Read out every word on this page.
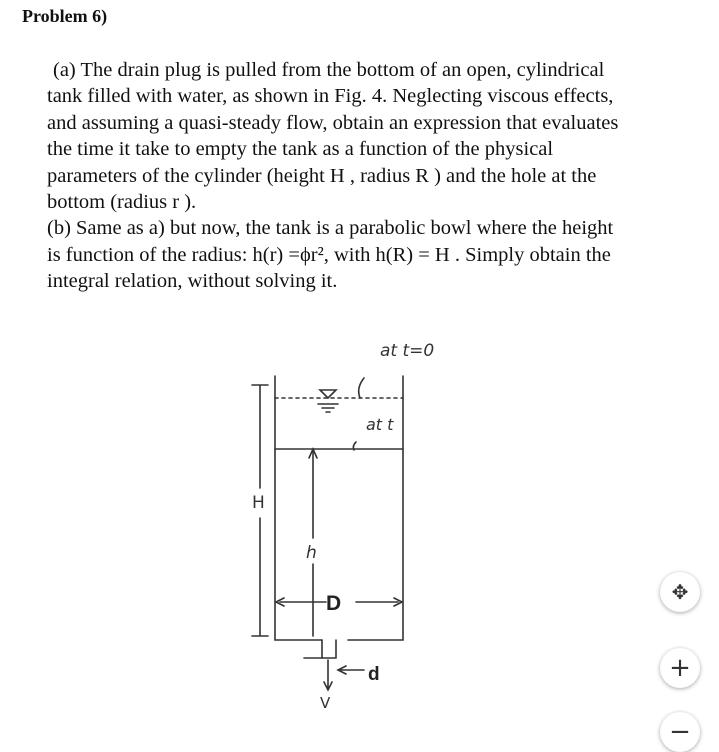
Problem 6)

(a) The drain plug is pulled from the bottom of an open, cylindrical

tank filled with water, as shown in Fig. 4. Neglecting viscous effects,

and assuming a quasi-steady flow, obtain an expression that evaluates

the time it take to empty the tank as a function of the physical

parameters of the cylinder (height H , radius R ) and the hole at the

bottom (radius r ).

(b) Same as a) but now, the tank is a parabolic bowl where the height

is function of the radius: h(r) =ϕr², with h(R) = H . Simply obtain the

integral relation, without solving it.

at t=0
at t
H
h
D
d
V
✥
+
−
